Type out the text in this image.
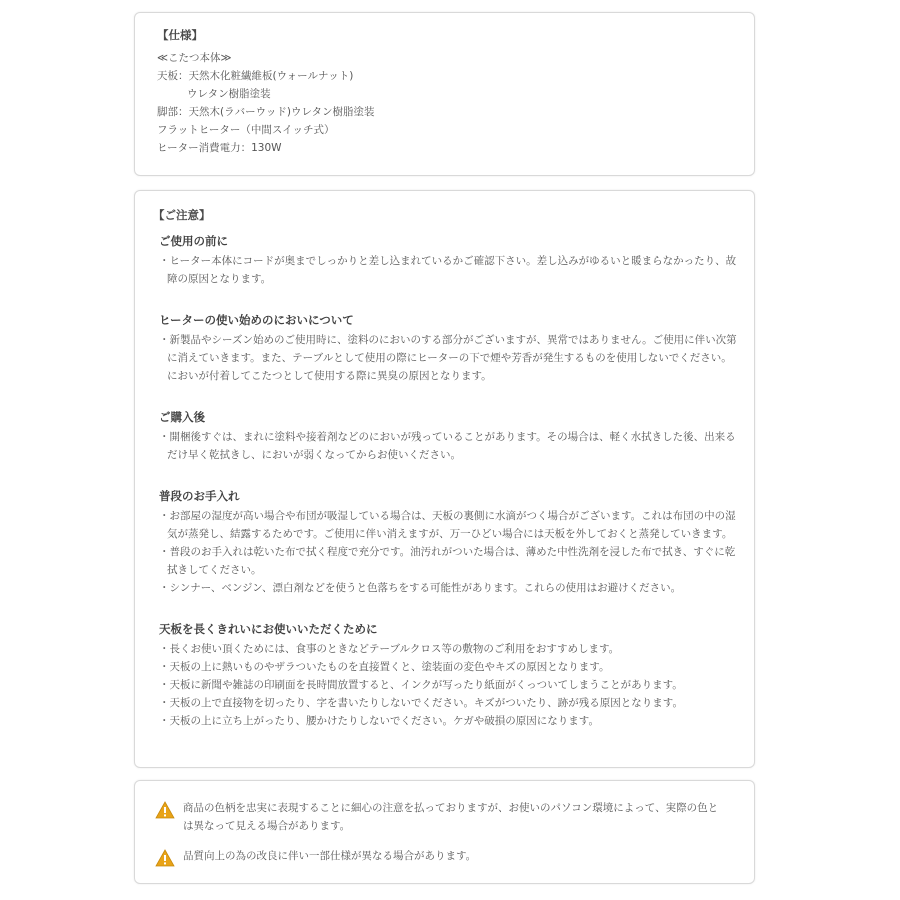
【仕様】
≪こたつ本体≫
天板：天然木化粧繊維板(ウォールナット)
ウレタン樹脂塗装
脚部：天然木(ラバーウッド)ウレタン樹脂塗装
フラットヒーター（中間スイッチ式）
ヒーター消費電力：130W
【ご注意】
ご使用の前に
・ヒーター本体にコードが奥までしっかりと差し込まれているかご確認下さい。差し込みがゆるいと暖まらなかったり、故障の原因となります。
ヒーターの使い始めのにおいについて
・新製品やシーズン始めのご使用時に、塗料のにおいのする部分がございますが、異常ではありません。ご使用に伴い次第に消えていきます。また、テーブルとして使用の際にヒーターの下で煙や芳香が発生するものを使用しないでください。においが付着してこたつとして使用する際に異臭の原因となります。
ご購入後
・開梱後すぐは、まれに塗料や接着剤などのにおいが残っていることがあります。その場合は、軽く水拭きした後、出来るだけ早く乾拭きし、においが弱くなってからお使いください。
普段のお手入れ
・お部屋の湿度が高い場合や布団が吸湿している場合は、天板の裏側に水滴がつく場合がございます。これは布団の中の湿気が蒸発し、結露するためです。ご使用に伴い消えますが、万一ひどい場合には天板を外しておくと蒸発していきます。
・普段のお手入れは乾いた布で拭く程度で充分です。油汚れがついた場合は、薄めた中性洗剤を浸した布で拭き、すぐに乾拭きしてください。
・シンナー、ベンジン、漂白剤などを使うと色落ちをする可能性があります。これらの使用はお避けください。
天板を長くきれいにお使いいただくために
・長くお使い頂くためには、食事のときなどテーブルクロス等の敷物のご利用をおすすめします。
・天板の上に熱いものやザラついたものを直接置くと、塗装面の変色やキズの原因となります。
・天板に新聞や雑誌の印刷面を長時間放置すると、インクが写ったり紙面がくっついてしまうことがあります。
・天板の上で直接物を切ったり、字を書いたりしないでください。キズがついたり、跡が残る原因となります。
・天板の上に立ち上がったり、腰かけたりしないでください。ケガや破損の原因になります。
商品の色柄を忠実に表現することに細心の注意を払っておりますが、お使いのパソコン環境によって、実際の色とは異なって見える場合があります。
品質向上の為の改良に伴い一部仕様が異なる場合があります。
